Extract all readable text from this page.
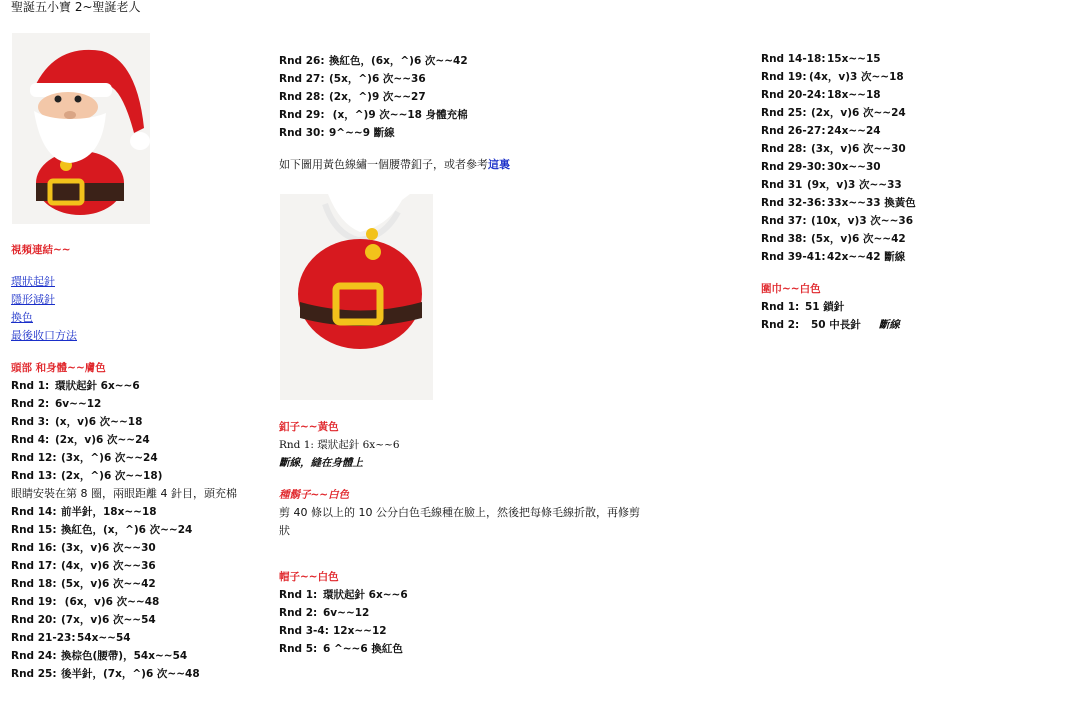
聖誕五小寶 2~聖誕老人
視頻連結~~
環狀起針
隱形減針
換色
最後收口方法
頭部 和身體~~膚色
Rnd 1: 環狀起針 6x~~6
Rnd 2: 6v~~12
Rnd 3: (x，v)6 次~~18
Rnd 4: (2x，v)6 次~~24
Rnd 12: (3x，^)6 次~~24
Rnd 13: (2x，^)6 次~~18)
眼睛安裝在第 8 圈，兩眼距離 4 針目，頭充棉
Rnd 14: 前半針，18x~~18
Rnd 15: 換紅色，(x，^)6 次~~24
Rnd 16: (3x，v)6 次~~30
Rnd 17: (4x，v)6 次~~36
Rnd 18: (5x，v)6 次~~42
Rnd 19: (6x，v)6 次~~48
Rnd 20: (7x，v)6 次~~54
Rnd 21-23:54x~~54
Rnd 24: 換棕色(腰帶)，54x~~54
Rnd 25: 後半針，(7x，^)6 次~~48
Rnd 26: 換紅色，(6x，^)6 次~~42
Rnd 27: (5x，^)6 次~~36
Rnd 28: (2x，^)9 次~~27
Rnd 29: (x，^)9 次~~18 身體充棉
Rnd 30: 9^~~9 斷線
如下圖用黃色線繡一個腰帶釦子，或者參考這裏
釦子~~黃色
Rnd 1: 環狀起針 6x~~6
斷線，縫在身體上
種鬍子~~白色
剪 40 條以上的 10 公分白色毛線種在臉上，然後把每條毛線折散，再修剪
狀
帽子~~白色
Rnd 1: 環狀起針 6x~~6
Rnd 2: 6v~~12
Rnd 3-4: 12x~~12
Rnd 5: 6 ^~~6 換紅色
Rnd 14-18:15x~~15
Rnd 19: (4x，v)3 次~~18
Rnd 20-24:18x~~18
Rnd 25: (2x，v)6 次~~24
Rnd 26-27:24x~~24
Rnd 28: (3x，v)6 次~~30
Rnd 29-30:30x~~30
Rnd 31 (9x，v)3 次~~33
Rnd 32-36:33x~~33 換黃色
Rnd 37: (10x，v)3 次~~36
Rnd 38: (5x，v)6 次~~42
Rnd 39-41:42x~~42 斷線
圍巾~~白色
Rnd 1: 51 鎖針
Rnd 2: 50 中長針 斷線
